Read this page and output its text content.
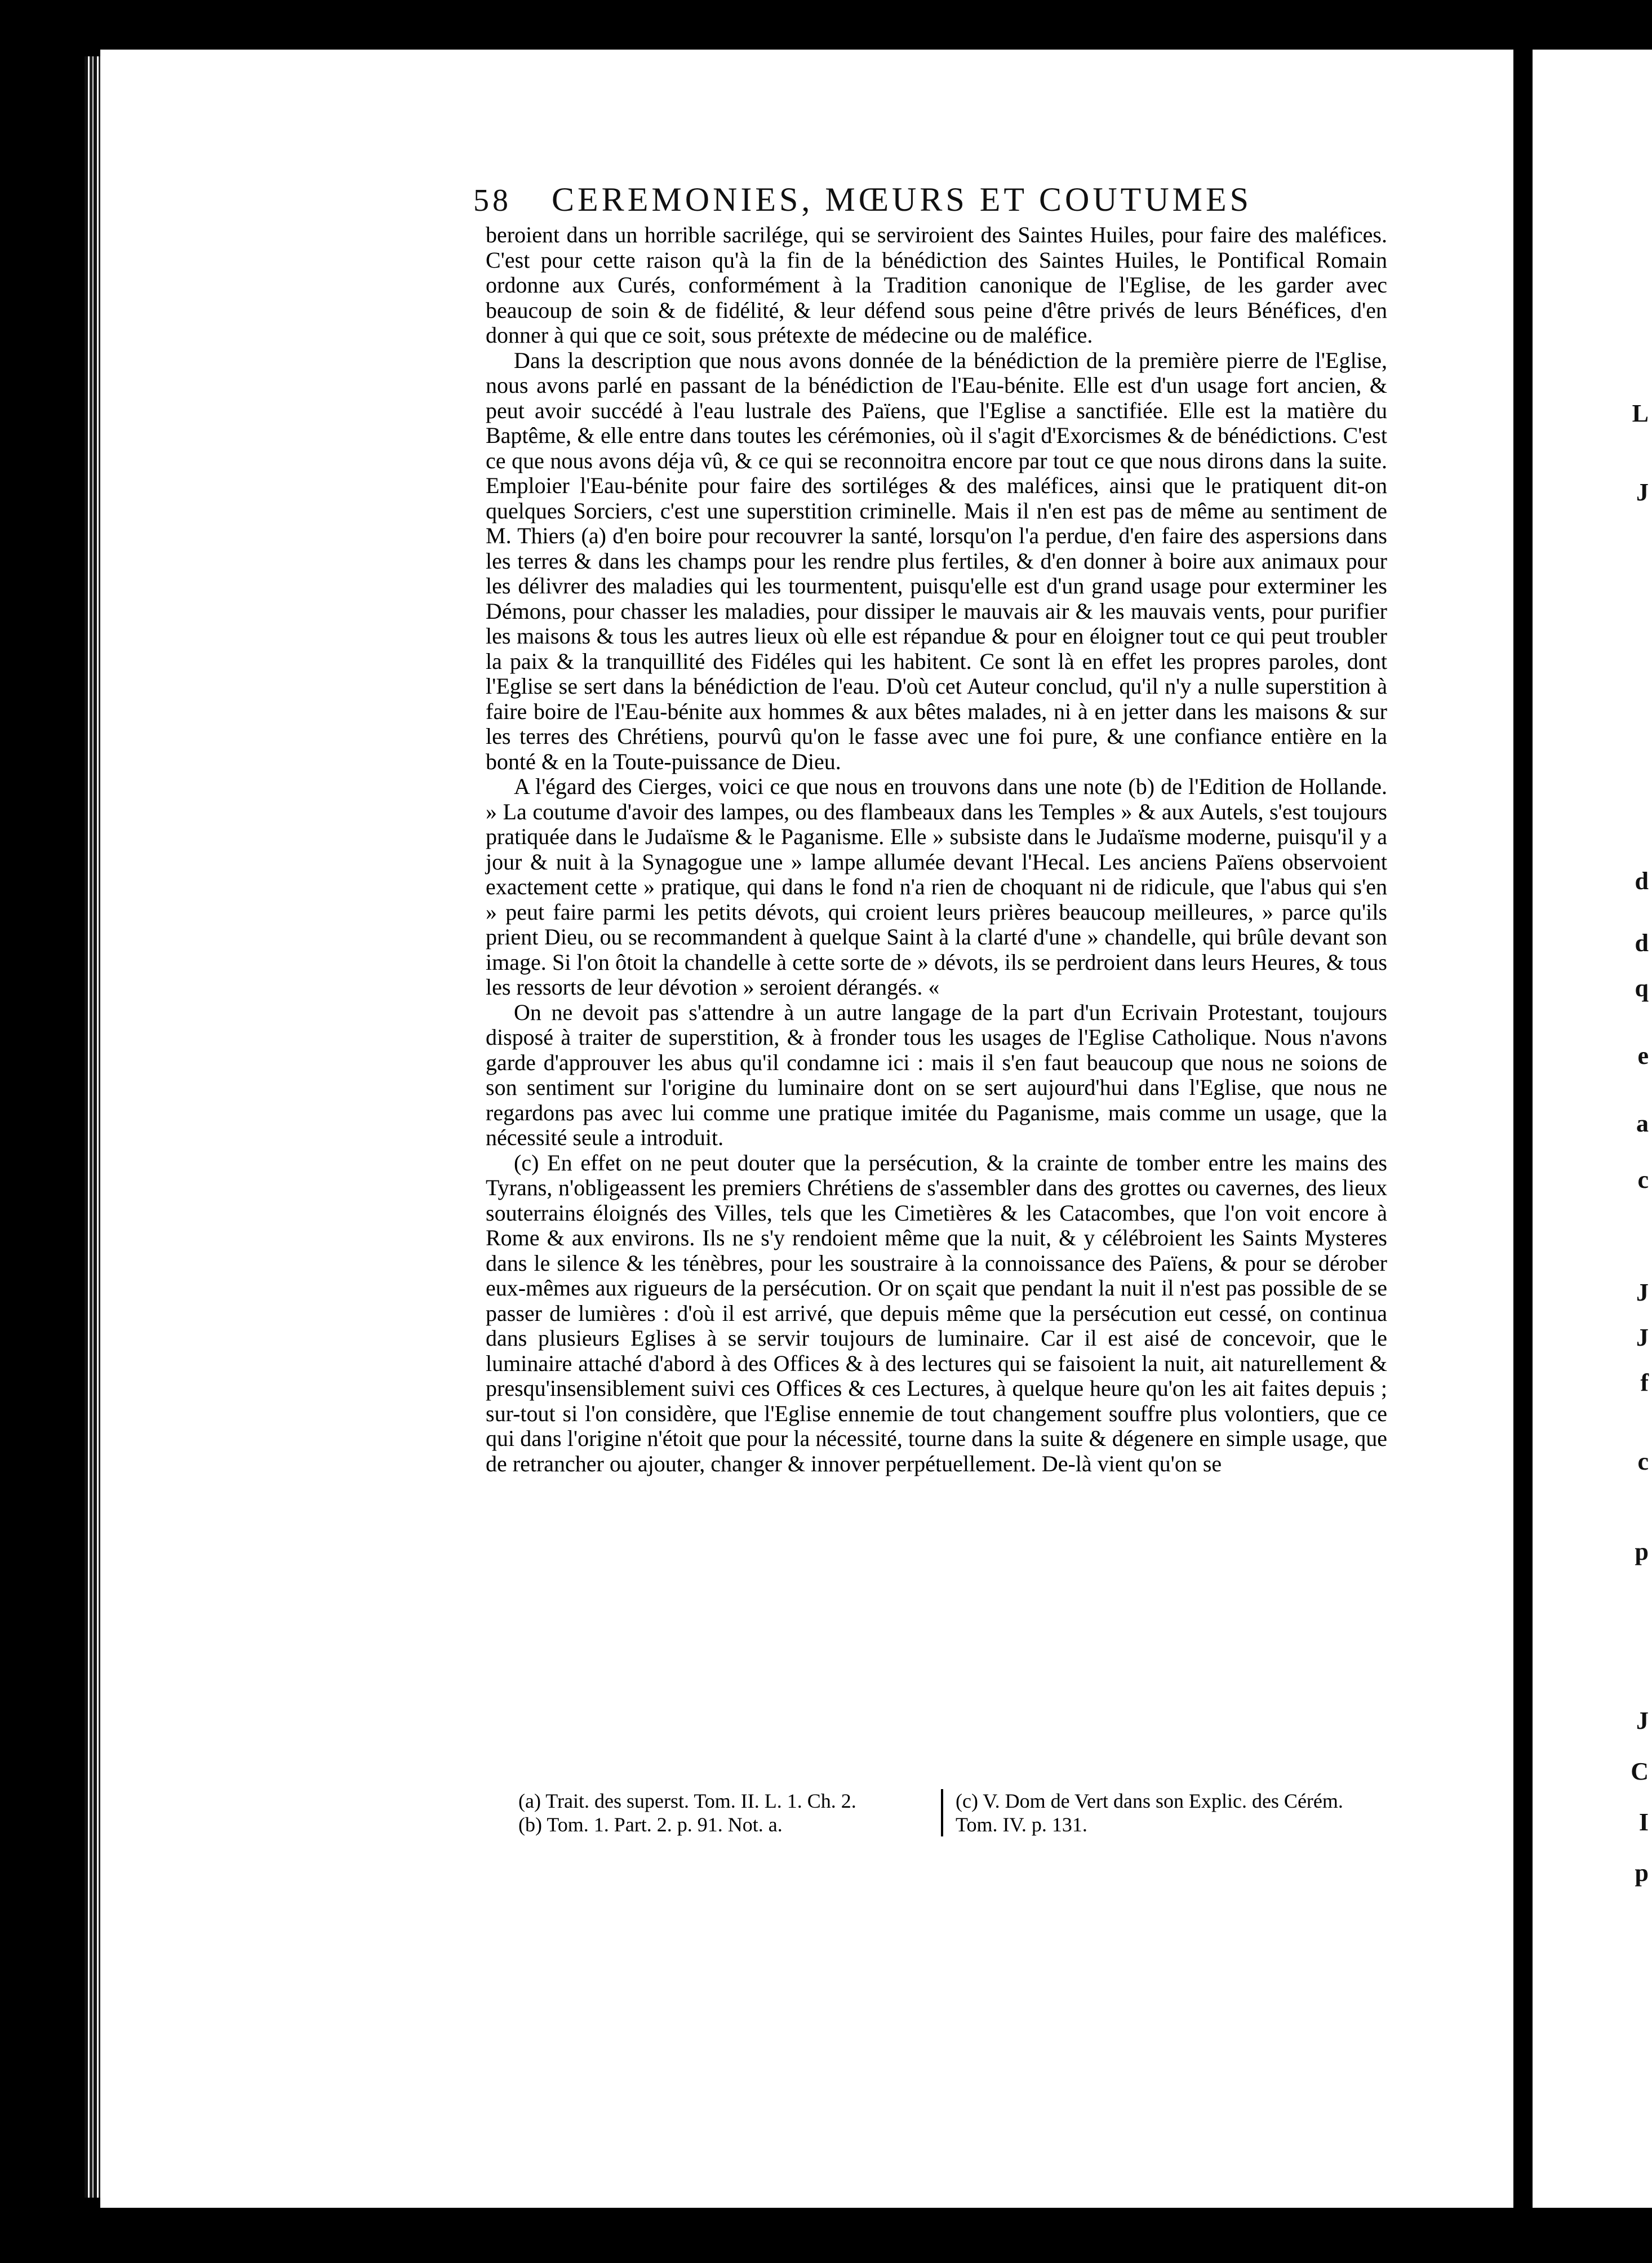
58 CEREMONIES, MŒURS ET COUTUMES

beroient dans un horrible sacrilége, qui se serviroient des Saintes Huiles, pour faire des maléfices. C'est pour cette raison qu'à la fin de la bénédiction des Saintes Huiles, le Pontifical Romain ordonne aux Curés, conformément à la Tradition canonique de l'Eglise, de les garder avec beaucoup de soin & de fidélité, & leur défend sous peine d'être privés de leurs Bénéfices, d'en donner à qui que ce soit, sous prétexte de médecine ou de maléfice.

Dans la description que nous avons donnée de la bénédiction de la première pierre de l'Eglise, nous avons parlé en passant de la bénédiction de l'Eau-bénite. Elle est d'un usage fort ancien, & peut avoir succédé à l'eau lustrale des Païens, que l'Eglise a sanctifiée. Elle est la matière du Baptême, & elle entre dans toutes les cérémonies, où il s'agit d'Exorcismes & de bénédictions. C'est ce que nous avons déja vû, & ce qui se reconnoitra encore par tout ce que nous dirons dans la suite. Emploier l'Eau-bénite pour faire des sortiléges & des maléfices, ainsi que le pratiquent dit-on quelques Sorciers, c'est une superstition criminelle. Mais il n'en est pas de même au sentiment de M. Thiers (a) d'en boire pour recouvrer la santé, lorsqu'on l'a perdue, d'en faire des aspersions dans les terres & dans les champs pour les rendre plus fertiles, & d'en donner à boire aux animaux pour les délivrer des maladies qui les tourmentent, puisqu'elle est d'un grand usage pour exterminer les Démons, pour chasser les maladies, pour dissiper le mauvais air & les mauvais vents, pour purifier les maisons & tous les autres lieux où elle est répandue & pour en éloigner tout ce qui peut troubler la paix & la tranquillité des Fidéles qui les habitent. Ce sont là en effet les propres paroles, dont l'Eglise se sert dans la bénédiction de l'eau. D'où cet Auteur conclud, qu'il n'y a nulle superstition à faire boire de l'Eau-bénite aux hommes & aux bêtes malades, ni à en jetter dans les maisons & sur les terres des Chrétiens, pourvû qu'on le fasse avec une foi pure, & une confiance entière en la bonté & en la Toute-puissance de Dieu.

A l'égard des Cierges, voici ce que nous en trouvons dans une note (b) de l'Edition de Hollande. » La coutume d'avoir des lampes, ou des flambeaux dans les Temples » & aux Autels, s'est toujours pratiquée dans le Judaïsme & le Paganisme. Elle » subsiste dans le Judaïsme moderne, puisqu'il y a jour & nuit à la Synagogue une » lampe allumée devant l'Hecal. Les anciens Païens observoient exactement cette » pratique, qui dans le fond n'a rien de choquant ni de ridicule, que l'abus qui s'en » peut faire parmi les petits dévots, qui croient leurs prières beaucoup meilleures, » parce qu'ils prient Dieu, ou se recommandent à quelque Saint à la clarté d'une » chandelle, qui brûle devant son image. Si l'on ôtoit la chandelle à cette sorte de » dévots, ils se perdroient dans leurs Heures, & tous les ressorts de leur dévotion » seroient dérangés. «

On ne devoit pas s'attendre à un autre langage de la part d'un Ecrivain Protestant, toujours disposé à traiter de superstition, & à fronder tous les usages de l'Eglise Catholique. Nous n'avons garde d'approuver les abus qu'il condamne ici : mais il s'en faut beaucoup que nous ne soions de son sentiment sur l'origine du luminaire dont on se sert aujourd'hui dans l'Eglise, que nous ne regardons pas avec lui comme une pratique imitée du Paganisme, mais comme un usage, que la nécessité seule a introduit.

(c) En effet on ne peut douter que la persécution, & la crainte de tomber entre les mains des Tyrans, n'obligeassent les premiers Chrétiens de s'assembler dans des grottes ou cavernes, des lieux souterrains éloignés des Villes, tels que les Cimetières & les Catacombes, que l'on voit encore à Rome & aux environs. Ils ne s'y rendoient même que la nuit, & y célébroient les Saints Mysteres dans le silence & les ténèbres, pour les soustraire à la connoissance des Païens, & pour se dérober eux-mêmes aux rigueurs de la persécution. Or on sçait que pendant la nuit il n'est pas possible de se passer de lumières : d'où il est arrivé, que depuis même que la persécution eut cessé, on continua dans plusieurs Eglises à se servir toujours de luminaire. Car il est aisé de concevoir, que le luminaire attaché d'abord à des Offices & à des lectures qui se faisoient la nuit, ait naturellement & presqu'insensiblement suivi ces Offices & ces Lectures, à quelque heure qu'on les ait faites depuis ; sur-tout si l'on considère, que l'Eglise ennemie de tout changement souffre plus volontiers, que ce qui dans l'origine n'étoit que pour la nécessité, tourne dans la suite & dégenere en simple usage, que de retrancher ou ajouter, changer & innover perpétuellement. De-là vient qu'on se

(a) Trait. des superst. Tom. II. L. 1. Ch. 2.
(b) Tom. 1. Part. 2. p. 91. Not. a.
(c) V. Dom de Vert dans son Explic. des Cérém.
Tom. IV. p. 131.
L
J
d
d
q
e
a
c
J
J
f
c
p
J
C
I
p
